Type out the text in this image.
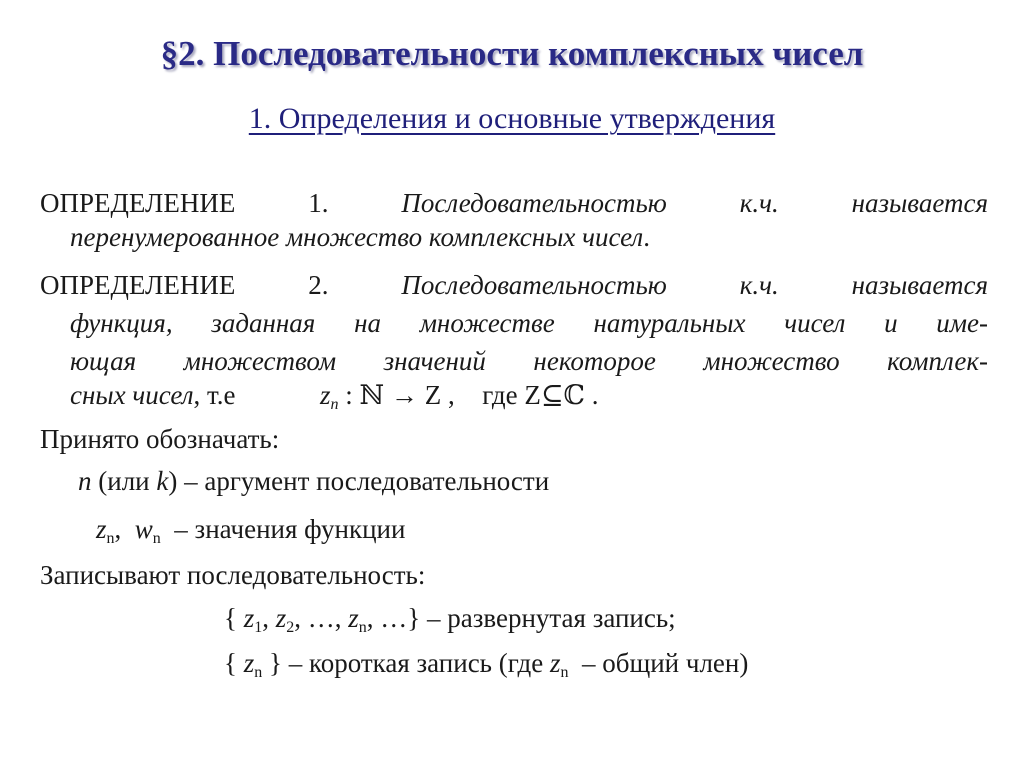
§2. Последовательности комплексных чисел
1. Определения и основные утверждения
ОПРЕДЕЛЕНИЕ 1.	Последовательностью к.ч. называется
перенумерованное множество комплексных чисел.
ОПРЕДЕЛЕНИЕ 2.	Последовательностью к.ч. называется
функция, заданная на множестве натуральных чисел и име-
ющая множеством значений некоторое множество комплек-
сных чисел, т.е	$z_n$ : ℕ → Z , где Z⊆ℂ .
Принято обозначать:
n (или k) – аргумент последовательности
$z_n$, $w_n$  – значения функции
Записывают последовательность:
{ $z_1$, $z_2$, …, $z_n$, …} – развернутая запись;
{ $z_n$ } – короткая запись (где $z_n$  – общий член)
